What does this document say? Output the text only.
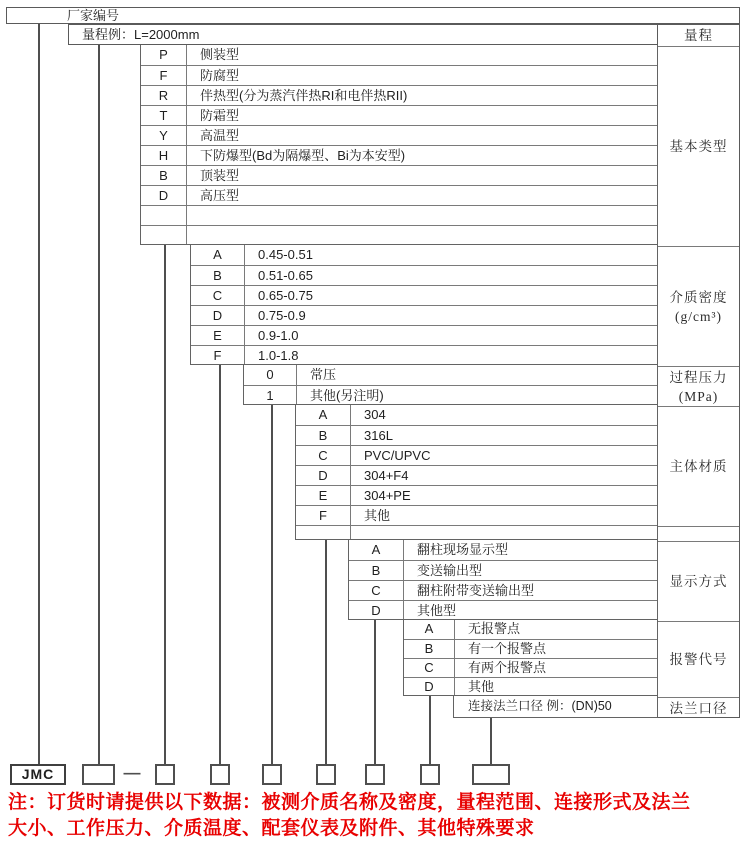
厂家编号
量程例：L=2000mm	量程
基本类型
介质密度
(g/cm³)
过程压力
(MPa)
主体材质
显示方式
报警代号
法兰口径
P	侧装型
F	防腐型
R	伴热型(分为蒸汽伴热RI和电伴热RII)
T	防霜型
Y	高温型
H	下防爆型(Bd为隔爆型、Bi为本安型)
B	顶装型
D	高压型
A	0.45-0.51
B	0.51-0.65
C	0.65-0.75
D	0.75-0.9
E	0.9-1.0
F	1.0-1.8
0	常压
1	其他(另注明)
A	304
B	316L
C	PVC/UPVC
D	304+F4
E	304+PE
F	其他
A	翻柱现场显示型
B	变送输出型
C	翻柱附带变送输出型
D	其他型
A	无报警点
B	有一个报警点
C	有两个报警点
D	其他
连接法兰口径 例：(DN)50
JMC	—
注：订货时请提供以下数据：被测介质名称及密度，量程范围、连接形式及法兰
大小、工作压力、介质温度、配套仪表及附件、其他特殊要求
